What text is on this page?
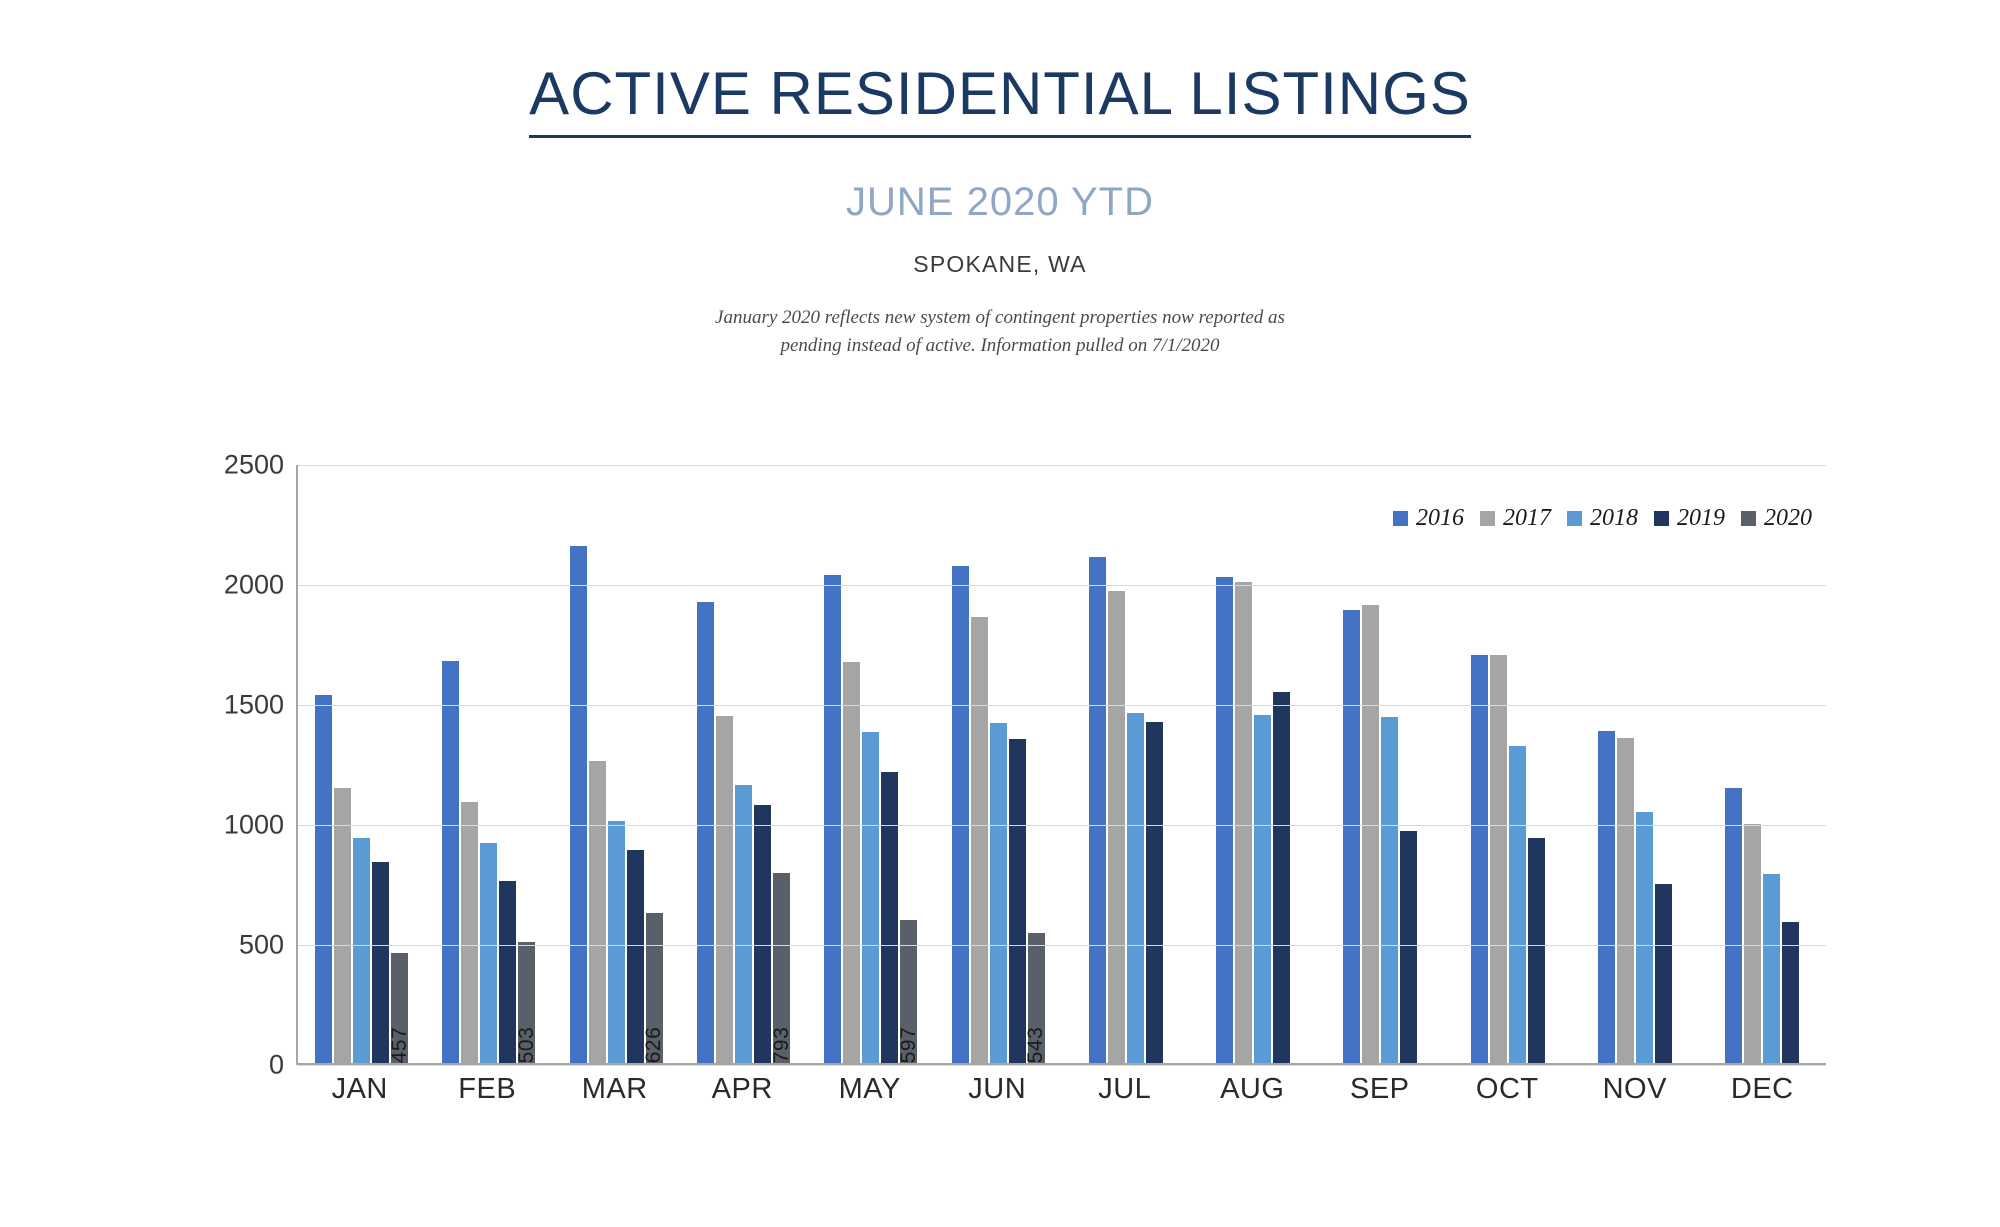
ACTIVE RESIDENTIAL LISTINGS
JUNE 2020 YTD
SPOKANE, WA
January 2020 reflects new system of contingent properties now reported as
pending instead of active. Information pulled on 7/1/2020
2016 2017 2018 2019 2020
457	503	626	793	597	543
0
500
1000
1500
2000
2500
JAN	FEB	MAR	APR	MAY	JUN	JUL	AUG	SEP	OCT	NOV	DEC
